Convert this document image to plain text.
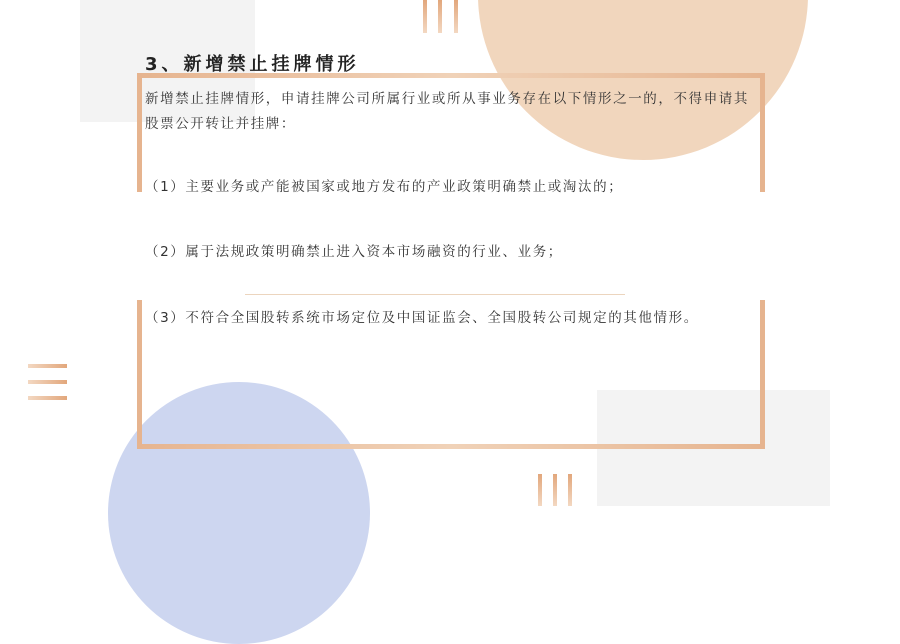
3、新增禁止挂牌情形
新增禁止挂牌情形，申请挂牌公司所属行业或所从事业务存在以下情形之一的，不得申请其股票公开转让并挂牌：
（1）主要业务或产能被国家或地方发布的产业政策明确禁止或淘汰的；
（2）属于法规政策明确禁止进入资本市场融资的行业、业务；
（3）不符合全国股转系统市场定位及中国证监会、全国股转公司规定的其他情形。
